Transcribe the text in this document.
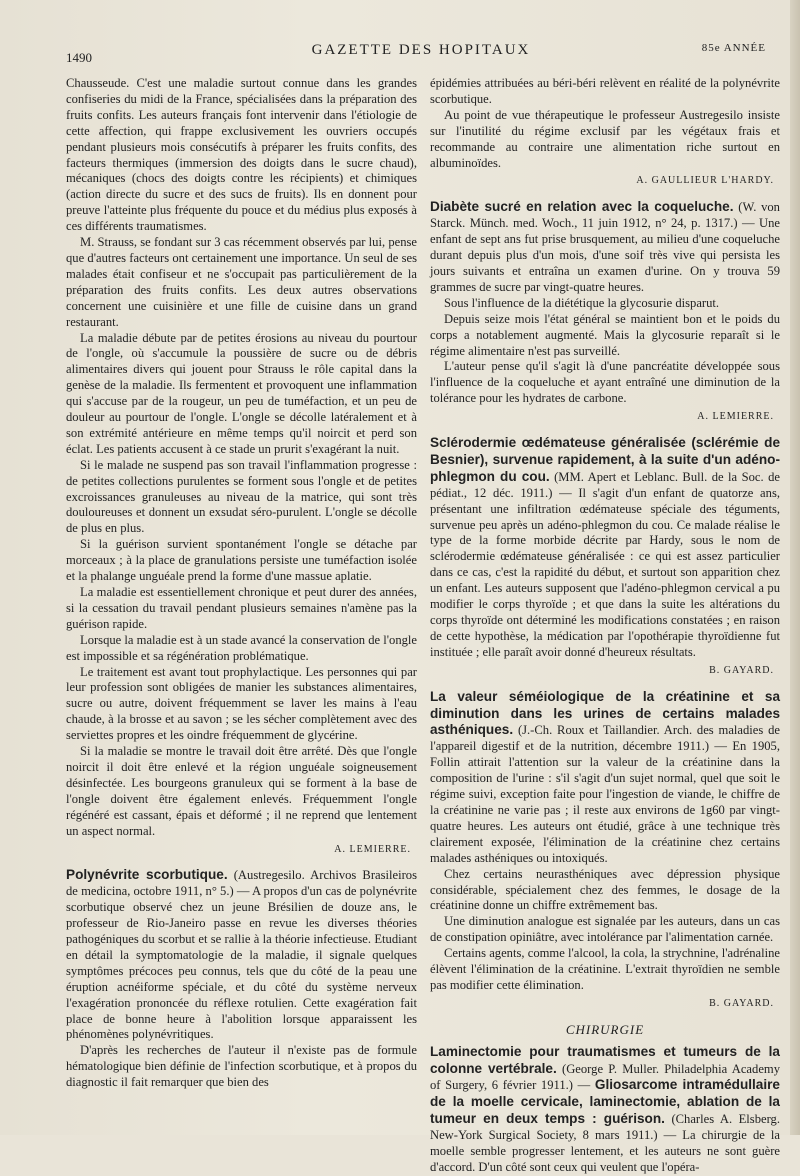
1490	GAZETTE DES HOPITAUX	85e ANNÉE

Chausseude. C'est une maladie surtout connue dans les grandes confiseries du midi de la France, spécialisées dans la préparation des fruits confits. Les auteurs français font intervenir dans l'étiologie de cette affection, qui frappe exclusivement les ouvriers occupés pendant plusieurs mois consécutifs à préparer les fruits confits, des facteurs thermiques (immersion des doigts dans le sucre chaud), mécaniques (chocs des doigts contre les récipients) et chimiques (action directe du sucre et des sucs de fruits). Ils en donnent pour preuve l'atteinte plus fréquente du pouce et du médius plus exposés à ces différents traumatismes.

M. Strauss, se fondant sur 3 cas récemment observés par lui, pense que d'autres facteurs ont certainement une importance. Un seul de ses malades était confiseur et ne s'occupait pas particulièrement de la préparation des fruits confits. Les deux autres observations concernent une cuisinière et une fille de cuisine dans un grand restaurant.

La maladie débute par de petites érosions au niveau du pourtour de l'ongle, où s'accumule la poussière de sucre ou de débris alimentaires divers qui jouent pour Strauss le rôle capital dans la genèse de la maladie. Ils fermentent et provoquent une inflammation qui s'accuse par de la rougeur, un peu de tuméfaction, et un peu de douleur au pourtour de l'ongle. L'ongle se décolle latéralement et à son extrémité antérieure en même temps qu'il noircit et perd son éclat. Les patients accusent à ce stade un prurit s'exagérant la nuit.

Si le malade ne suspend pas son travail l'inflammation progresse : de petites collections purulentes se forment sous l'ongle et de petites excroissances granuleuses au niveau de la matrice, qui sont très douloureuses et donnent un exsudat séro-purulent. L'ongle se décolle de plus en plus.

Si la guérison survient spontanément l'ongle se détache par morceaux ; à la place de granulations persiste une tuméfaction isolée et la phalange unguéale prend la forme d'une massue aplatie.

La maladie est essentiellement chronique et peut durer des années, si la cessation du travail pendant plusieurs semaines n'amène pas la guérison rapide.

Lorsque la maladie est à un stade avancé la conservation de l'ongle est impossible et sa régénération problématique.

Le traitement est avant tout prophylactique. Les personnes qui par leur profession sont obligées de manier les substances alimentaires, sucre ou autre, doivent fréquemment se laver les mains à l'eau chaude, à la brosse et au savon ; se les sécher complètement avec des serviettes propres et les oindre fréquemment de glycérine.

Si la maladie se montre le travail doit être arrêté. Dès que l'ongle noircit il doit être enlevé et la région unguéale soigneusement désinfectée. Les bourgeons granuleux qui se forment à la base de l'ongle doivent être également enlevés. Fréquemment l'ongle régénéré est cassant, épais et déformé ; il ne reprend que lentement un aspect normal.

A. LEMIERRE.

Polynévrite scorbutique. (Austregesilo. Archivos Brasileiros de medicina, octobre 1911, n° 5.) — A propos d'un cas de polynévrite scorbutique observé chez un jeune Brésilien de douze ans, le professeur de Rio-Janeiro passe en revue les diverses théories pathogéniques du scorbut et se rallie à la théorie infectieuse. Etudiant en détail la symptomatologie de la maladie, il signale quelques symptômes précoces peu connus, tels que du côté de la peau une éruption acnéiforme spéciale, et du côté du système nerveux l'exagération prononcée du réflexe rotulien. Cette exagération fait place de bonne heure à l'abolition lorsque apparaissent les phénomènes polynévritiques.

D'après les recherches de l'auteur il n'existe pas de formule hématologique bien définie de l'infection scorbutique, et à propos du diagnostic il fait remarquer que bien des

épidémies attribuées au béri-béri relèvent en réalité de la polynévrite scorbutique.

Au point de vue thérapeutique le professeur Austregesilo insiste sur l'inutilité du régime exclusif par les végétaux frais et recommande au contraire une alimentation riche surtout en albuminoïdes.

A. GAULLIEUR L'HARDY.

Diabète sucré en relation avec la coqueluche. (W. von Starck. Münch. med. Woch., 11 juin 1912, n° 24, p. 1317.) — Une enfant de sept ans fut prise brusquement, au milieu d'une coqueluche durant depuis plus d'un mois, d'une soif très vive qui persista les jours suivants et entraîna un examen d'urine. On y trouva 59 grammes de sucre par vingt-quatre heures.

Sous l'influence de la diététique la glycosurie disparut.

Depuis seize mois l'état général se maintient bon et le poids du corps a notablement augmenté. Mais la glycosurie reparaît si le régime alimentaire n'est pas surveillé.

L'auteur pense qu'il s'agit là d'une pancréatite développée sous l'influence de la coqueluche et ayant entraîné une diminution de la tolérance pour les hydrates de carbone.

A. LEMIERRE.

Sclérodermie œdémateuse généralisée (sclérémie de Besnier), survenue rapidement, à la suite d'un adéno-phlegmon du cou. (MM. Apert et Leblanc. Bull. de la Soc. de pédiat., 12 déc. 1911.) — Il s'agit d'un enfant de quatorze ans, présentant une infiltration œdémateuse spéciale des téguments, survenue peu après un adéno-phlegmon du cou. Ce malade réalise le type de la forme morbide décrite par Hardy, sous le nom de sclérodermie œdémateuse généralisée : ce qui est assez particulier dans ce cas, c'est la rapidité du début, et surtout son apparition chez un enfant. Les auteurs supposent que l'adéno-phlegmon cervical a pu modifier le corps thyroïde ; et que dans la suite les altérations du corps thyroïde ont déterminé les modifications constatées ; en raison de cette hypothèse, la médication par l'opothérapie thyroïdienne fut instituée ; elle paraît avoir donné d'heureux résultats.

B. GAYARD.

La valeur séméiologique de la créatinine et sa diminution dans les urines de certains malades asthéniques. (J.-Ch. Roux et Taillandier. Arch. des maladies de l'appareil digestif et de la nutrition, décembre 1911.) — En 1905, Follin attirait l'attention sur la valeur de la créatinine dans la composition de l'urine : s'il s'agit d'un sujet normal, quel que soit le régime suivi, exception faite pour l'ingestion de viande, le chiffre de la créatinine ne varie pas ; il reste aux environs de 1g60 par vingt-quatre heures. Les auteurs ont étudié, grâce à une technique très clairement exposée, l'élimination de la créatinine chez certains malades asthéniques ou intoxiqués.

Chez certains neurasthéniques avec dépression physique considérable, spécialement chez des femmes, le dosage de la créatinine donne un chiffre extrêmement bas.

Une diminution analogue est signalée par les auteurs, dans un cas de constipation opiniâtre, avec intolérance par l'alimentation carnée.

Certains agents, comme l'alcool, la cola, la strychnine, l'adrénaline élèvent l'élimination de la créatinine. L'extrait thyroïdien ne semble pas modifier cette élimination.

B. GAYARD.
CHIRURGIE

Laminectomie pour traumatismes et tumeurs de la colonne vertébrale. (George P. Muller. Philadelphia Academy of Surgery, 6 février 1911.) — Gliosarcome intramédullaire de la moelle cervicale, laminectomie, ablation de la tumeur en deux temps : guérison. (Charles A. Elsberg. New-York Surgical Society, 8 mars 1911.) — La chirurgie de la moelle semble progresser lentement, et les auteurs ne sont guère d'accord. D'un côté sont ceux qui veulent que l'opéra-
